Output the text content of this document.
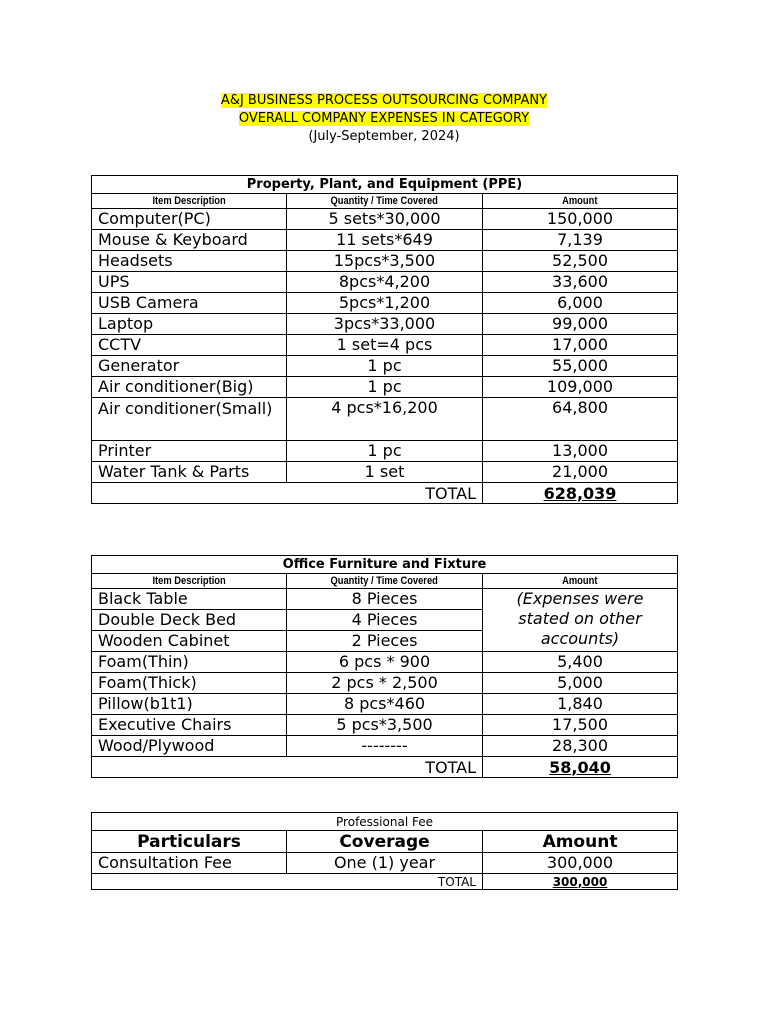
A&J BUSINESS PROCESS OUTSOURCING COMPANY
OVERALL COMPANY EXPENSES IN CATEGORY
(July-September, 2024)
Property, Plant, and Equipment (PPE)		
Item Description	Quantity / Time Covered	Amount
Computer(PC)	5 sets*30,000	150,000
Mouse & Keyboard	11 sets*649	7,139
Headsets	15pcs*3,500	52,500
UPS	8pcs*4,200	33,600
USB Camera	5pcs*1,200	6,000
Laptop	3pcs*33,000	99,000
CCTV	1 set=4 pcs	17,000
Generator	1 pc	55,000
Air conditioner(Big)	1 pc	109,000
Air conditioner(Small)	4 pcs*16,200	64,800
Printer	1 pc	13,000
Water Tank & Parts	1 set	21,000
TOTAL		628,039
Office Furniture and Fixture		
Item Description	Quantity / Time Covered	Amount
Black Table	8 Pieces	(Expenses were stated on other accounts)
Double Deck Bed	4 Pieces	
Wooden Cabinet	2 Pieces	
Foam(Thin)	6 pcs * 900	5,400
Foam(Thick)	2 pcs * 2,500	5,000
Pillow(b1t1)	8 pcs*460	1,840
Executive Chairs	5 pcs*3,500	17,500
Wood/Plywood	--------	28,300
TOTAL		58,040
Professional Fee		
Particulars	Coverage	Amount
Consultation Fee	One (1) year	300,000
TOTAL		300,000
